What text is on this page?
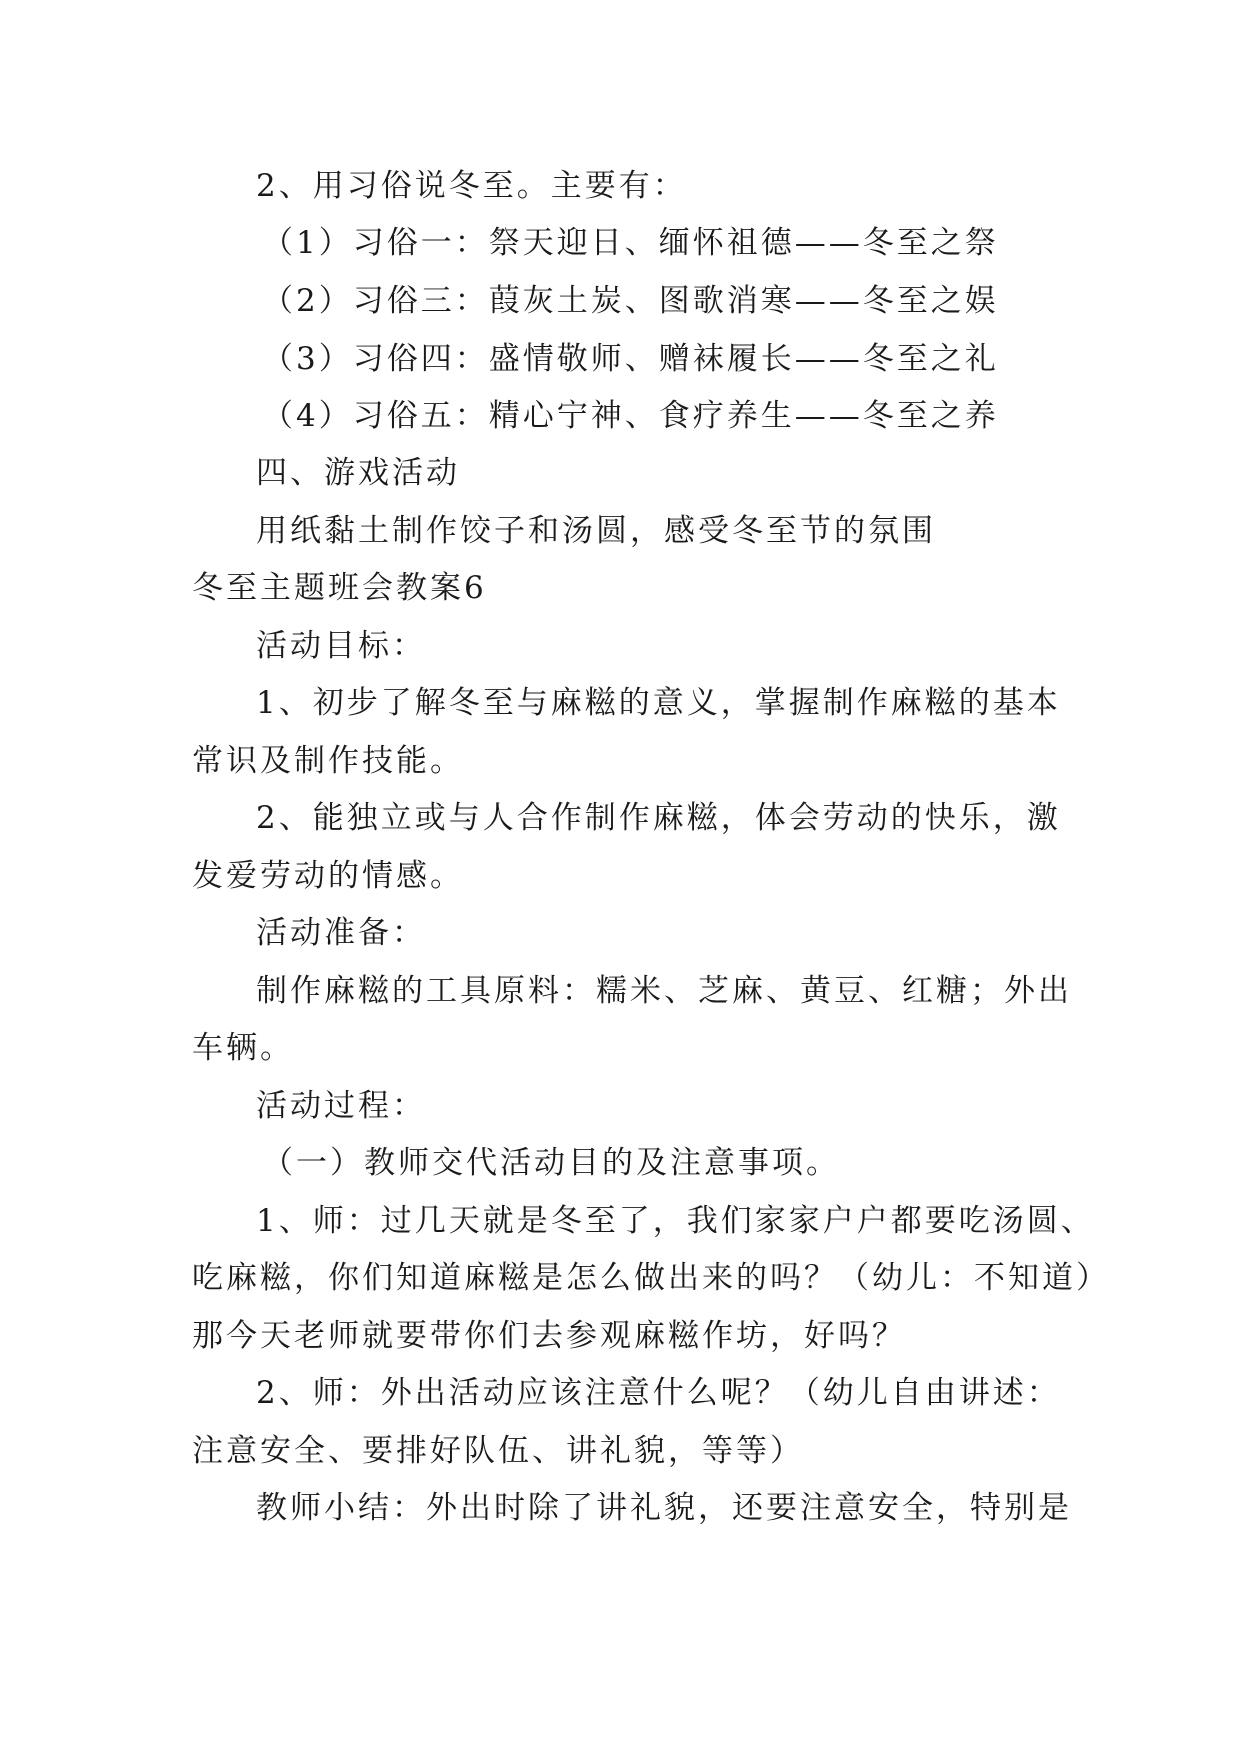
2、用习俗说冬至。主要有：
（1）习俗一：祭天迎日、缅怀祖德——冬至之祭
（2）习俗三：葭灰土炭、图歌消寒——冬至之娱
（3）习俗四：盛情敬师、赠袜履长——冬至之礼
（4）习俗五：精心宁神、食疗养生——冬至之养
四、游戏活动
用纸黏土制作饺子和汤圆，感受冬至节的氛围
冬至主题班会教案6
活动目标：
1、初步了解冬至与麻糍的意义，掌握制作麻糍的基本
常识及制作技能。
2、能独立或与人合作制作麻糍，体会劳动的快乐，激
发爱劳动的情感。
活动准备：
制作麻糍的工具原料：糯米、芝麻、黄豆、红糖；外出
车辆。
活动过程：
（一）教师交代活动目的及注意事项。
1、师：过几天就是冬至了，我们家家户户都要吃汤圆、
吃麻糍，你们知道麻糍是怎么做出来的吗？（幼儿：不知道）
那今天老师就要带你们去参观麻糍作坊，好吗？
2、师：外出活动应该注意什么呢？（幼儿自由讲述：
注意安全、要排好队伍、讲礼貌，等等）
教师小结：外出时除了讲礼貌，还要注意安全，特别是
